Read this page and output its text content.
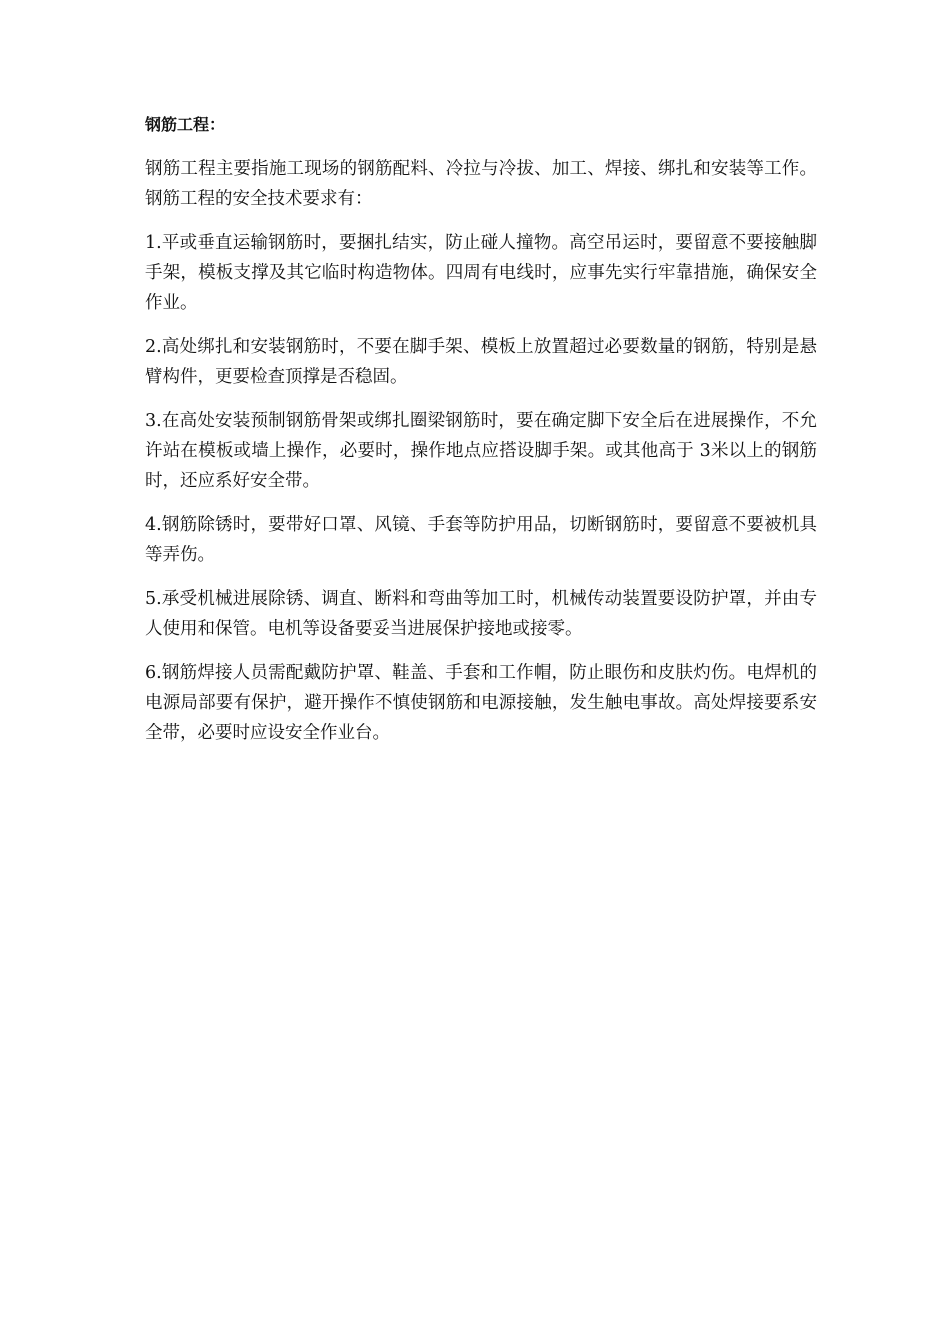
钢筋工程：

钢筋工程主要指施工现场的钢筋配料、冷拉与冷拔、加工、焊接、绑扎和安装等工作。钢筋工程的安全技术要求有：

1.平或垂直运输钢筋时，要捆扎结实，防止碰人撞物。高空吊运时，要留意不要接触脚手架，模板支撑及其它临时构造物体。四周有电线时，应事先实行牢靠措施，确保安全作业。

2.高处绑扎和安装钢筋时，不要在脚手架、模板上放置超过必要数量的钢筋，特别是悬臂构件，更要检查顶撑是否稳固。

3.在高处安装预制钢筋骨架或绑扎圈梁钢筋时，要在确定脚下安全后在进展操作，不允许站在模板或墙上操作，必要时，操作地点应搭设脚手架。或其他高于 3米以上的钢筋时，还应系好安全带。

4.钢筋除锈时，要带好口罩、风镜、手套等防护用品，切断钢筋时，要留意不要被机具等弄伤。

5.承受机械进展除锈、调直、断料和弯曲等加工时，机械传动装置要设防护罩，并由专人使用和保管。电机等设备要妥当进展保护接地或接零。

6.钢筋焊接人员需配戴防护罩、鞋盖、手套和工作帽，防止眼伤和皮肤灼伤。电焊机的电源局部要有保护，避开操作不慎使钢筋和电源接触，发生触电事故。高处焊接要系安全带，必要时应设安全作业台。
